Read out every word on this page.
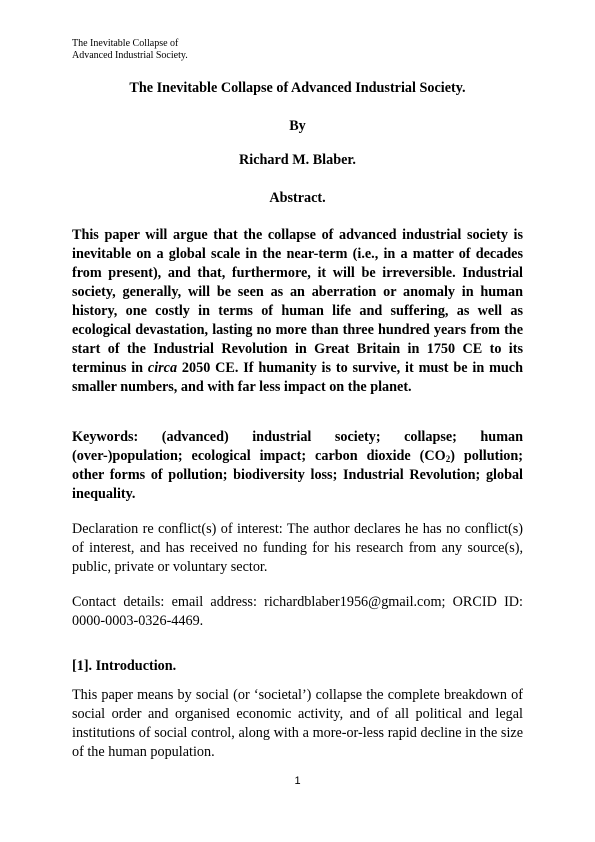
The Inevitable Collapse of
Advanced Industrial Society.
The Inevitable Collapse of Advanced Industrial Society.
By
Richard M. Blaber.
Abstract.
This paper will argue that the collapse of advanced industrial society is inevitable on a global scale in the near-term (i.e., in a matter of decades from present), and that, furthermore, it will be irreversible. Industrial society, generally, will be seen as an aberration or anomaly in human history, one costly in terms of human life and suffering, as well as ecological devastation, lasting no more than three hundred years from the start of the Industrial Revolution in Great Britain in 1750 CE to its terminus in circa 2050 CE. If humanity is to survive, it must be in much smaller numbers, and with far less impact on the planet.
Keywords: (advanced) industrial society; collapse; human (over-)population; ecological impact; carbon dioxide $(CO_2)$ pollution; other forms of pollution; biodiversity loss; Industrial Revolution; global inequality.
Declaration re conflict(s) of interest: The author declares he has no conflict(s) of interest, and has received no funding for his research from any source(s), public, private or voluntary sector.
Contact details: email address: richardblaber1956@gmail.com; ORCID ID: 0000-0003-0326-4469.
[1]. Introduction.
This paper means by social (or ‘societal’) collapse the complete breakdown of social order and organised economic activity, and of all political and legal institutions of social control, along with a more-or-less rapid decline in the size of the human population.
1
